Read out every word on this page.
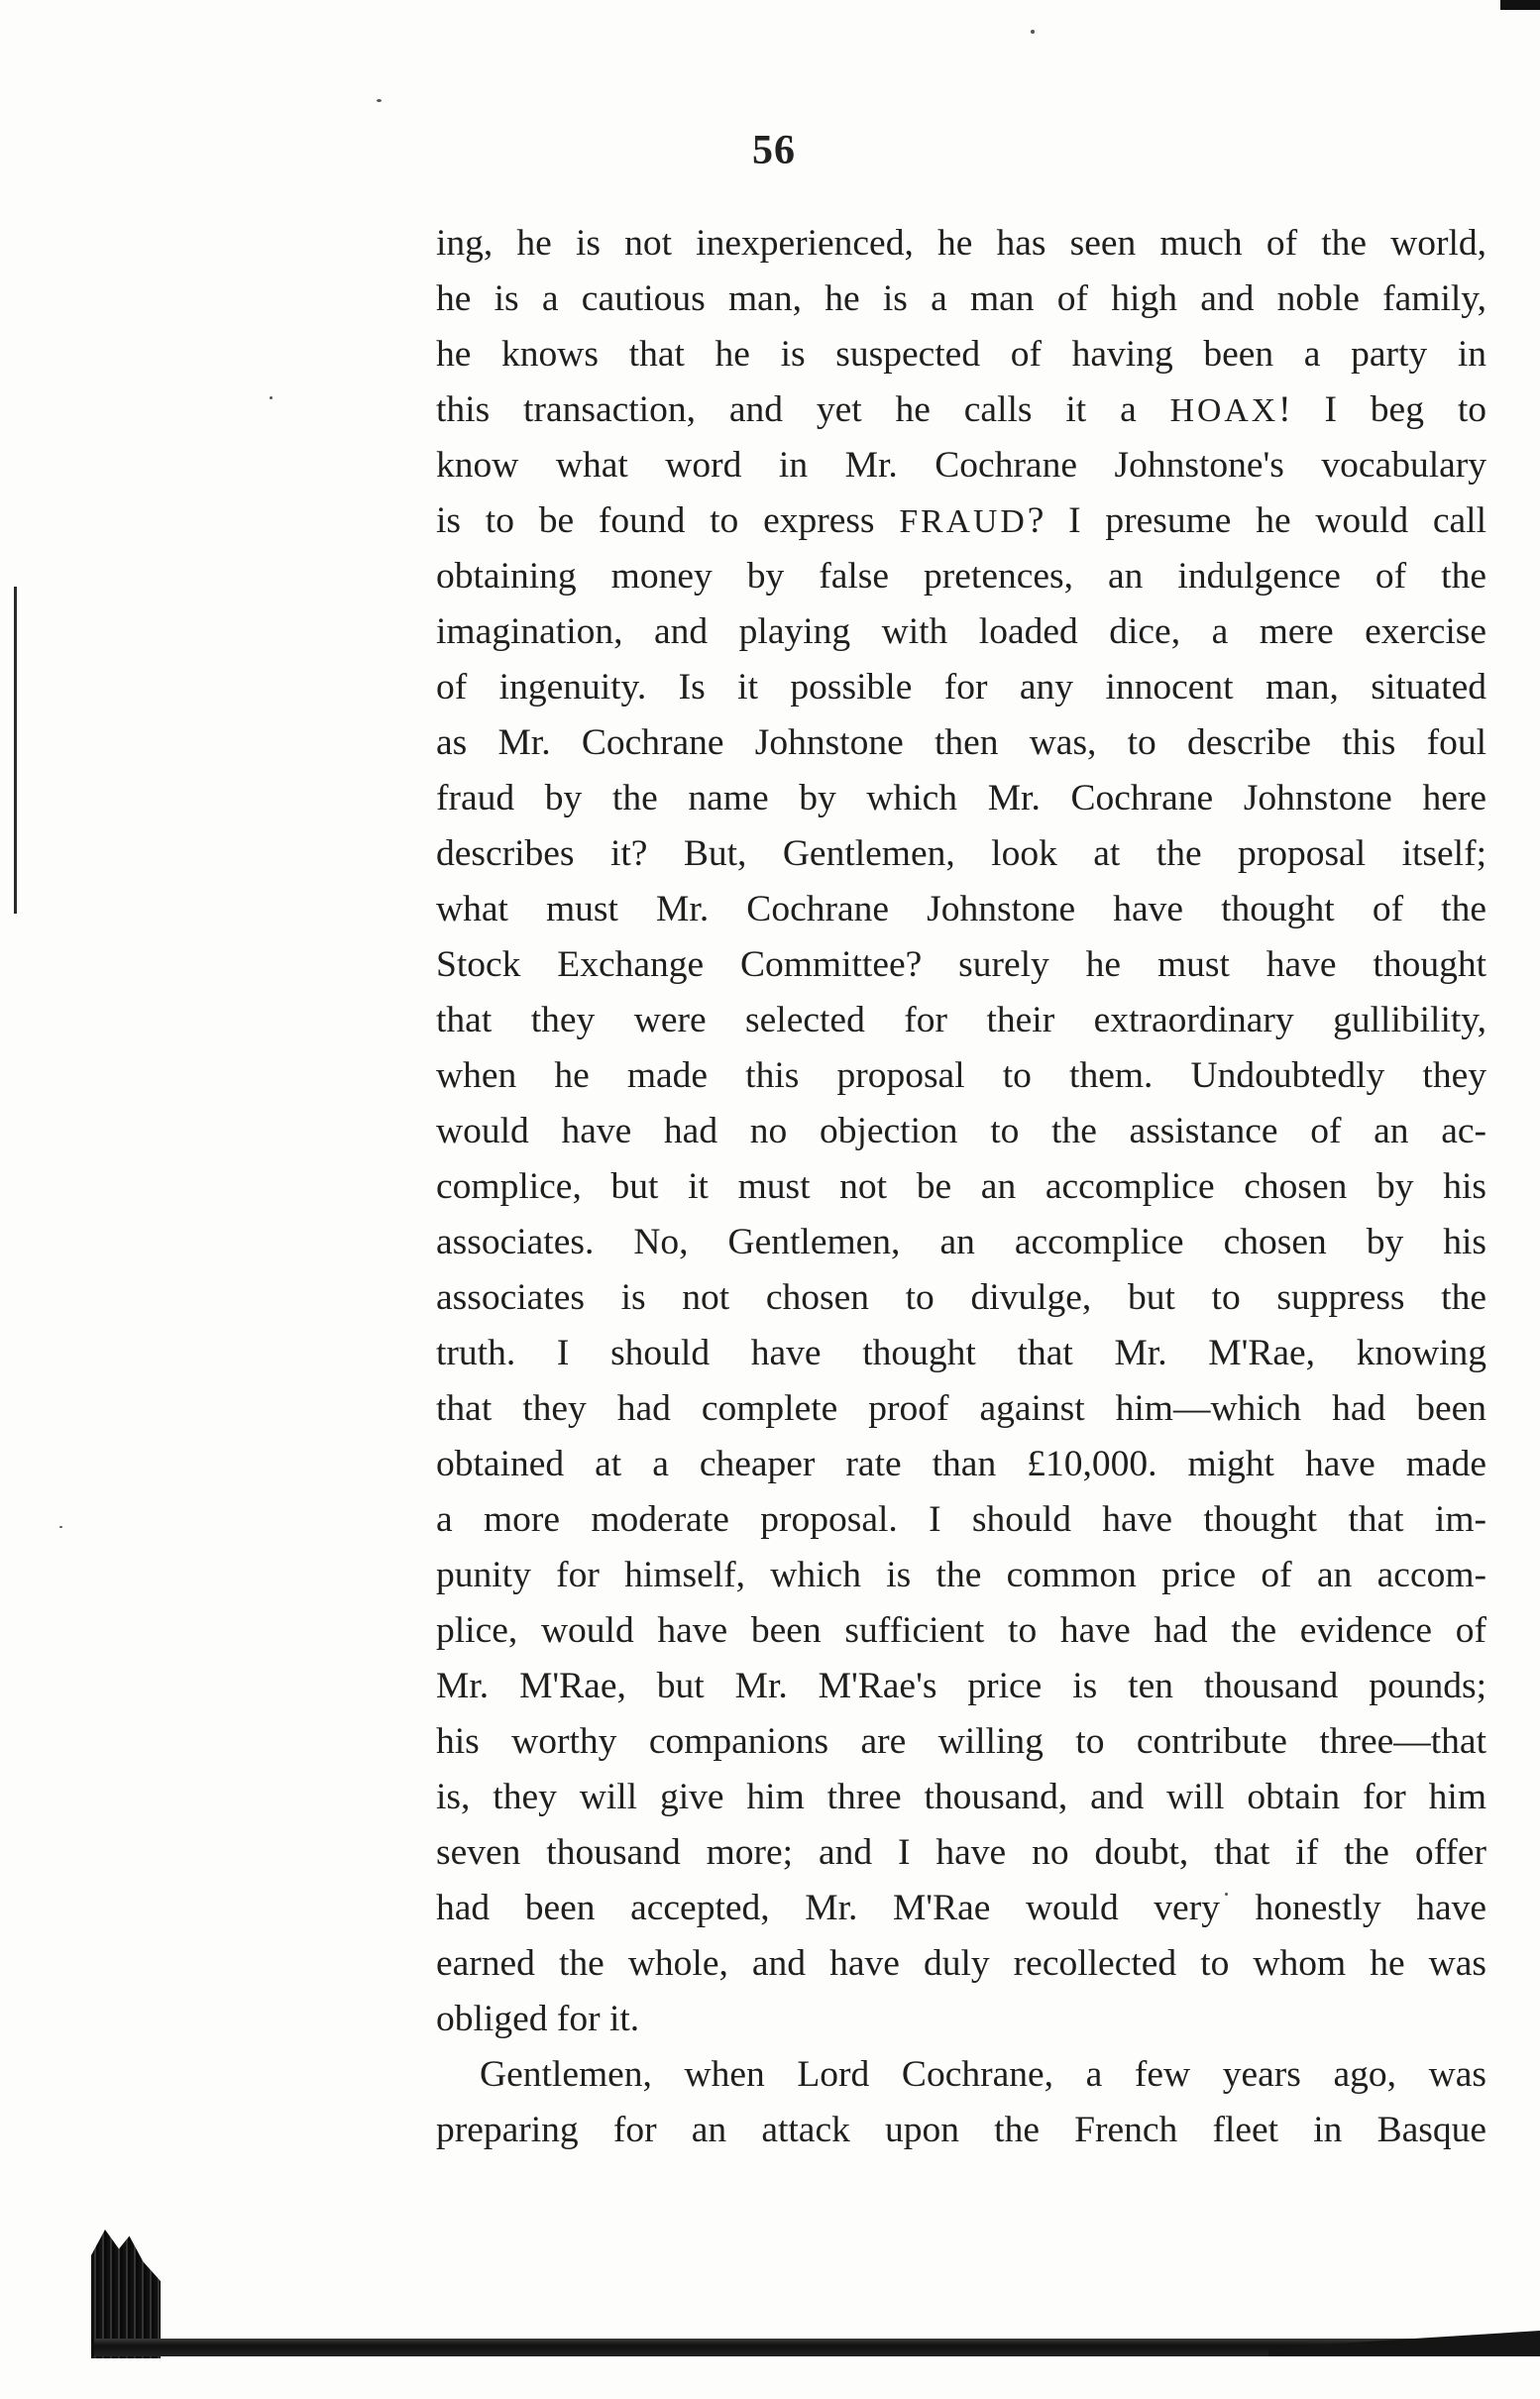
56
ing, he is not inexperienced, he has seen much of the world,
he is a cautious man, he is a man of high and noble family,
he knows that he is suspected of having been a party in
this transaction, and yet he calls it a HOAX! I beg to
know what word in Mr. Cochrane Johnstone's vocabulary
is to be found to express FRAUD? I presume he would call
obtaining money by false pretences, an indulgence of the
imagination, and playing with loaded dice, a mere exercise
of ingenuity. Is it possible for any innocent man, situated
as Mr. Cochrane Johnstone then was, to describe this foul
fraud by the name by which Mr. Cochrane Johnstone here
describes it? But, Gentlemen, look at the proposal itself;
what must Mr. Cochrane Johnstone have thought of the
Stock Exchange Committee? surely he must have thought
that they were selected for their extraordinary gullibility,
when he made this proposal to them. Undoubtedly they
would have had no objection to the assistance of an ac-
complice, but it must not be an accomplice chosen by his
associates. No, Gentlemen, an accomplice chosen by his
associates is not chosen to divulge, but to suppress the
truth. I should have thought that Mr. M'Rae, knowing
that they had complete proof against him—which had been
obtained at a cheaper rate than £10,000. might have made
a more moderate proposal. I should have thought that im-
punity for himself, which is the common price of an accom-
plice, would have been sufficient to have had the evidence of
Mr. M'Rae, but Mr. M'Rae's price is ten thousand pounds;
his worthy companions are willing to contribute three—that
is, they will give him three thousand, and will obtain for him
seven thousand more; and I have no doubt, that if the offer
had been accepted, Mr. M'Rae would very honestly have
earned the whole, and have duly recollected to whom he was
obliged for it.
Gentlemen, when Lord Cochrane, a few years ago, was
preparing for an attack upon the French fleet in Basque
